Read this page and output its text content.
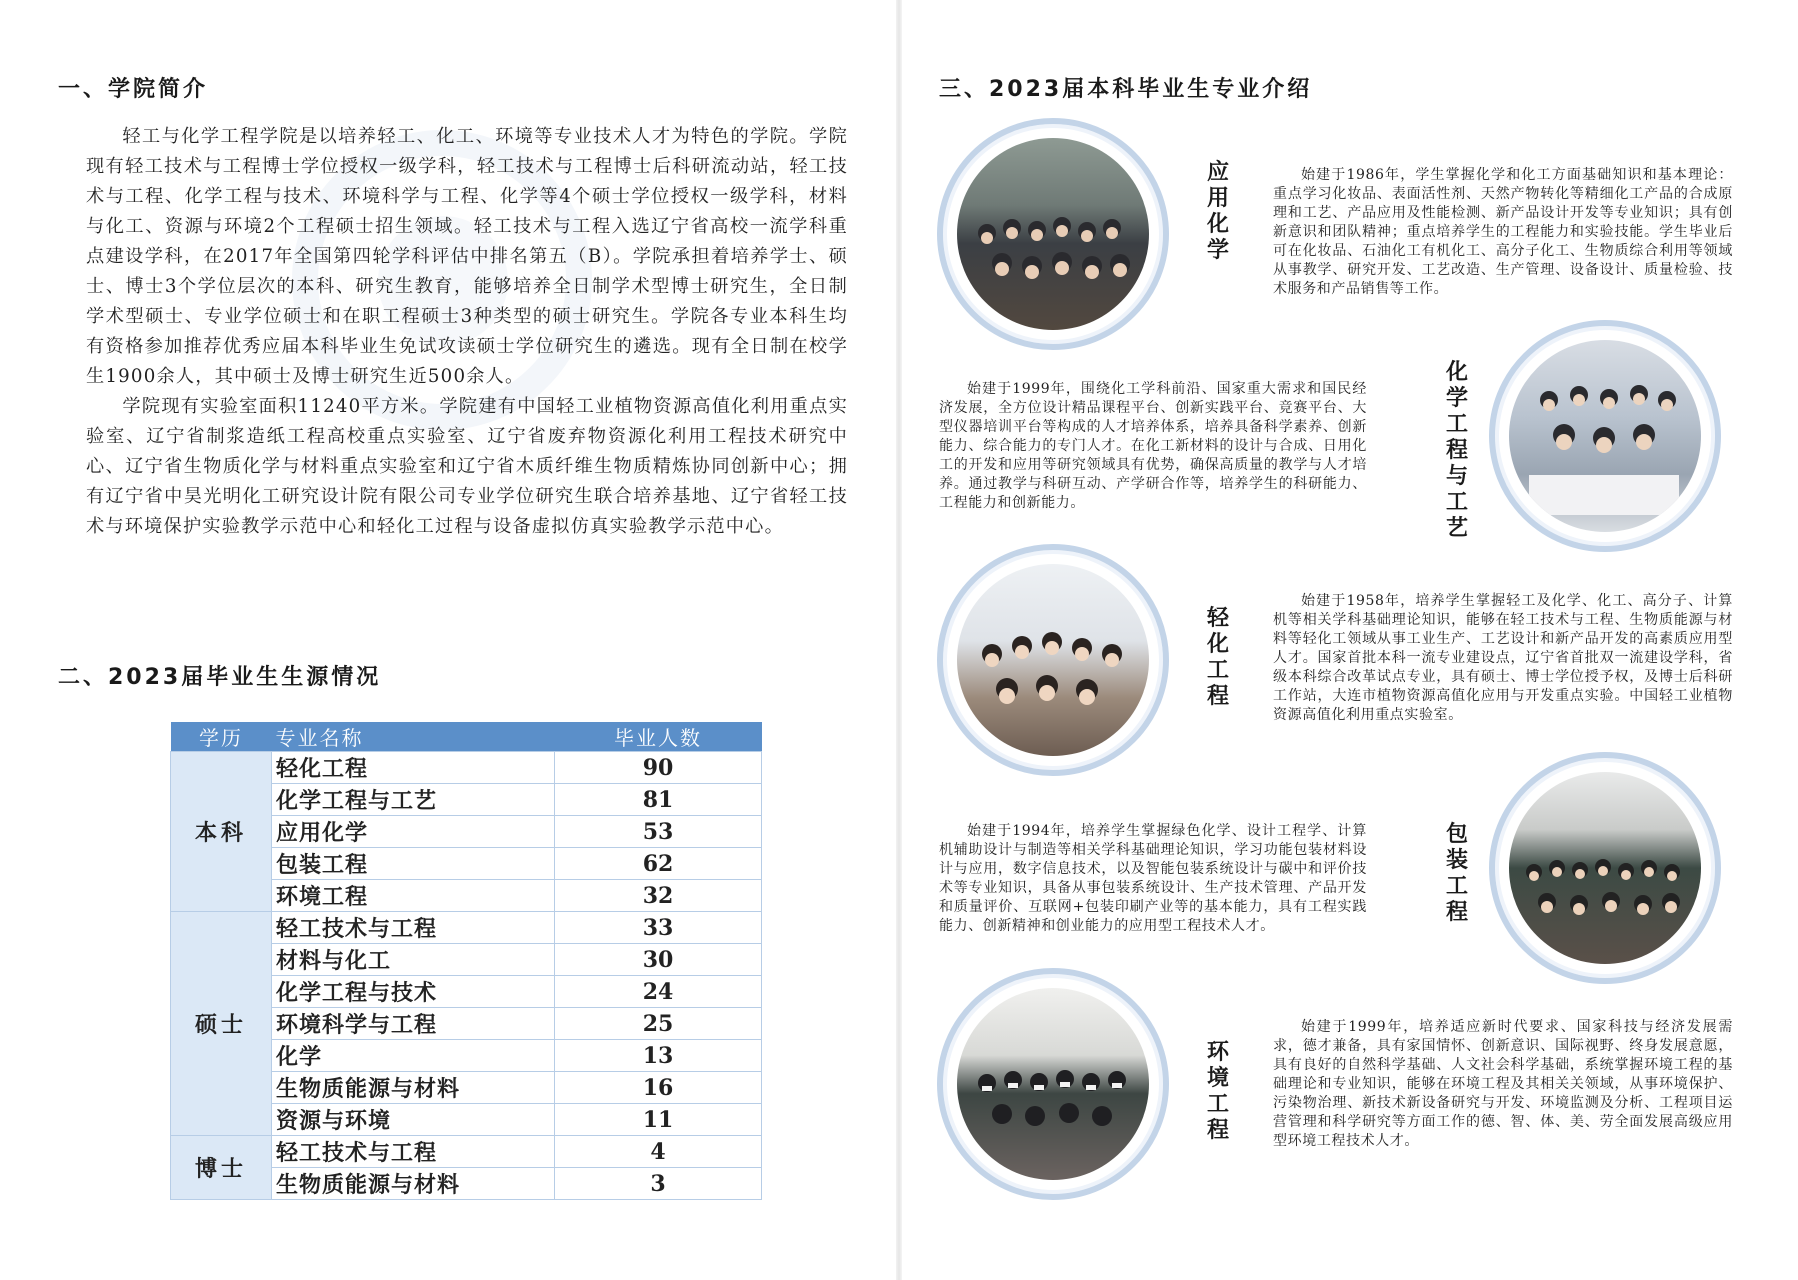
一、学院简介

轻工与化学工程学院是以培养轻工、化工、环境等专业技术人才为特色的学院。学院现有轻工技术与工程博士学位授权一级学科，轻工技术与工程博士后科研流动站，轻工技术与工程、化学工程与技术、环境科学与工程、化学等4个硕士学位授权一级学科，材料与化工、资源与环境2个工程硕士招生领域。轻工技术与工程入选辽宁省高校一流学科重点建设学科，在2017年全国第四轮学科评估中排名第五（B）。学院承担着培养学士、硕士、博士3个学位层次的本科、研究生教育，能够培养全日制学术型博士研究生，全日制学术型硕士、专业学位硕士和在职工程硕士3种类型的硕士研究生。学院各专业本科生均有资格参加推荐优秀应届本科毕业生免试攻读硕士学位研究生的遴选。现有全日制在校学生1900余人，其中硕士及博士研究生近500余人。

学院现有实验室面积11240平方米。学院建有中国轻工业植物资源高值化利用重点实验室、辽宁省制浆造纸工程高校重点实验室、辽宁省废弃物资源化利用工程技术研究中心、辽宁省生物质化学与材料重点实验室和辽宁省木质纤维生物质精炼协同创新中心；拥有辽宁省中昊光明化工研究设计院有限公司专业学位研究生联合培养基地、辽宁省轻工技术与环境保护实验教学示范中心和轻化工过程与设备虚拟仿真实验教学示范中心。

二、2023届毕业生生源情况
学历	专业名称	毕业人数
本科	轻化工程	90
	化学工程与工艺	81
	应用化学	53
	包装工程	62
	环境工程	32
硕士	轻工技术与工程	33
	材料与化工	30
	化学工程与技术	24
	环境科学与工程	25
	化学	13
	生物质能源与材料	16
	资源与环境	11
博士	轻工技术与工程	4
	生物质能源与材料	3
三、2023届本科毕业生专业介绍
应用化学
始建于1986年，学生掌握化学和化工方面基础知识和基本理论：重点学习化妆品、表面活性剂、天然产物转化等精细化工产品的合成原理和工艺、产品应用及性能检测、新产品设计开发等专业知识；具有创新意识和团队精神；重点培养学生的工程能力和实验技能。学生毕业后可在化妆品、石油化工有机化工、高分子化工、生物质综合利用等领域从事教学、研究开发、工艺改造、生产管理、设备设计、质量检验、技术服务和产品销售等工作。
始建于1999年，围绕化工学科前沿、国家重大需求和国民经济发展，全方位设计精品课程平台、创新实践平台、竞赛平台、大型仪器培训平台等构成的人才培养体系，培养具备科学素养、创新能力、综合能力的专门人才。在化工新材料的设计与合成、日用化工的开发和应用等研究领域具有优势，确保高质量的教学与人才培养。通过教学与科研互动、产学研合作等，培养学生的科研能力、工程能力和创新能力。
化学工程与工艺
轻化工程
始建于1958年，培养学生掌握轻工及化学、化工、高分子、计算机等相关学科基础理论知识，能够在轻工技术与工程、生物质能源与材料等轻化工领域从事工业生产、工艺设计和新产品开发的高素质应用型人才。国家首批本科一流专业建设点，辽宁省首批双一流建设学科，省级本科综合改革试点专业，具有硕士、博士学位授予权，及博士后科研工作站，大连市植物资源高值化应用与开发重点实验。中国轻工业植物资源高值化利用重点实验室。
始建于1994年，培养学生掌握绿色化学、设计工程学、计算机辅助设计与制造等相关学科基础理论知识，学习功能包装材料设计与应用，数字信息技术，以及智能包装系统设计与碳中和评价技术等专业知识，具备从事包装系统设计、生产技术管理、产品开发和质量评价、互联网+包装印刷产业等的基本能力，具有工程实践能力、创新精神和创业能力的应用型工程技术人才。
包装工程
环境工程
始建于1999年，培养适应新时代要求、国家科技与经济发展需求，德才兼备，具有家国情怀、创新意识、国际视野、终身发展意愿，具有良好的自然科学基础、人文社会科学基础，系统掌握环境工程的基础理论和专业知识，能够在环境工程及其相关关领域，从事环境保护、污染物治理、新技术新设备研究与开发、环境监测及分析、工程项目运营管理和科学研究等方面工作的德、智、体、美、劳全面发展高级应用型环境工程技术人才。
